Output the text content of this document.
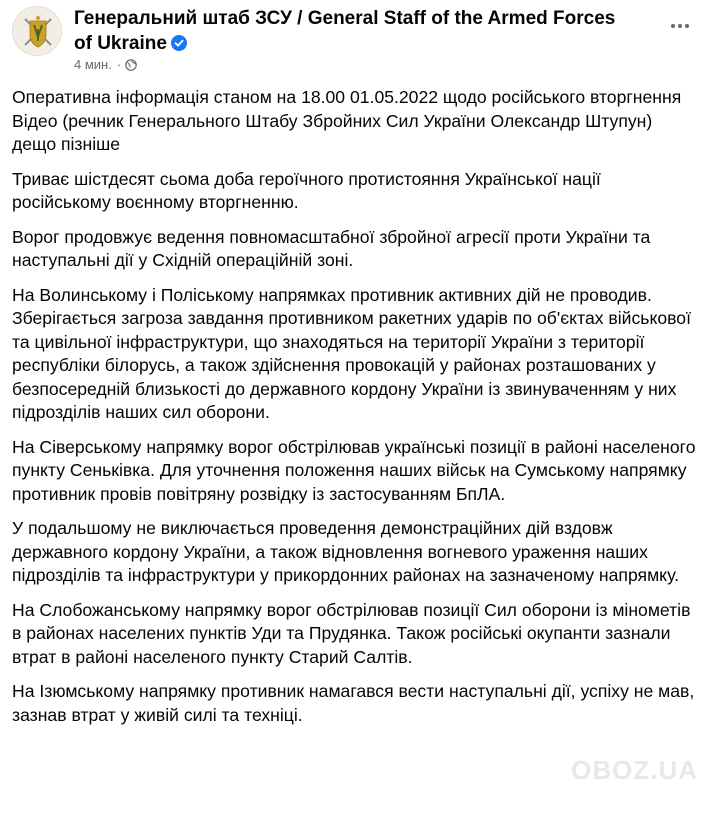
Генеральний штаб ЗСУ / General Staff of the Armed Forces of Ukraine
4 мин. ·

Оперативна інформація станом на 18.00 01.05.2022 щодо російського вторгнення
Відео (речник Генерального Штабу Збройних Сил України Олександр Штупун) дещо пізніше

Триває шістдесят сьома доба героїчного протистояння Української нації російському воєнному вторгненню.

Ворог продовжує ведення повномасштабної збройної агресії проти України та наступальні дії у Східній операційній зоні.

На Волинському і Поліському напрямках противник активних дій не проводив. Зберігається загроза завдання противником ракетних ударів по об'єктах військової та цивільної інфраструктури, що знаходяться на території України з території республіки білорусь, а також здійснення провокацій у районах розташованих у безпосередній близькості до державного кордону України із звинуваченням у них підрозділів наших сил оборони.

На Сіверському напрямку ворог обстрілював українські позиції в районі населеного пункту Сеньківка. Для уточнення положення наших військ на Сумському напрямку противник провів повітряну розвідку із застосуванням БпЛА.

У подальшому не виключається проведення демонстраційних дій вздовж державного кордону України, а також відновлення вогневого ураження наших підрозділів та інфраструктури у прикордонних районах на зазначеному напрямку.

На Слобожанському напрямку ворог обстрілював позиції Сил оборони із мінометів в районах населених пунктів Уди та Прудянка. Також російські окупанти зазнали втрат в районі населеного пункту Старий Салтів.

На Ізюмському напрямку противник намагався вести наступальні дії, успіху не мав, зазнав втрат у живій силі та техніці.

OBOZ.UA
